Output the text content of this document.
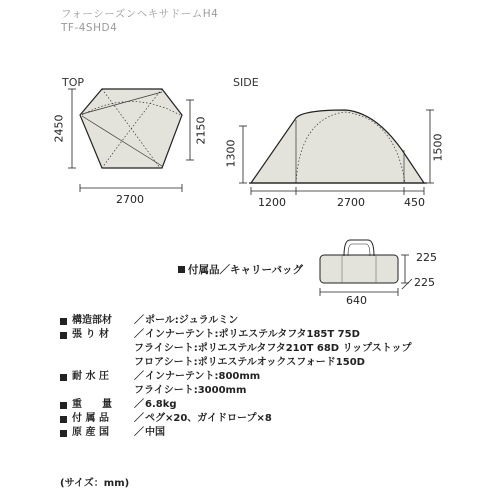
フォーシーズンヘキサドームH4
TF-4SHD4
TOP	SIDE
2450	2150
2700
1300	1500
1200	2700	450
付属品／キャリーバッグ
225
225
640
構造部材 ／ ポール:ジュラルミン
張 り 材	／ インナーテント:ポリエステルタフタ185T 75D
フライシート:ポリエステルタフタ210T 68D リップストップ
フロアシート:ポリエステルオックスフォード150D
耐 水 圧	／ インナーテント:800mm
フライシート:3000mm
重　　量 ／ 6.8kg
付 属 品	／ ペグ×20、ガイドロープ×8
原 産 国	／ 中国
(サイズ：mm)
